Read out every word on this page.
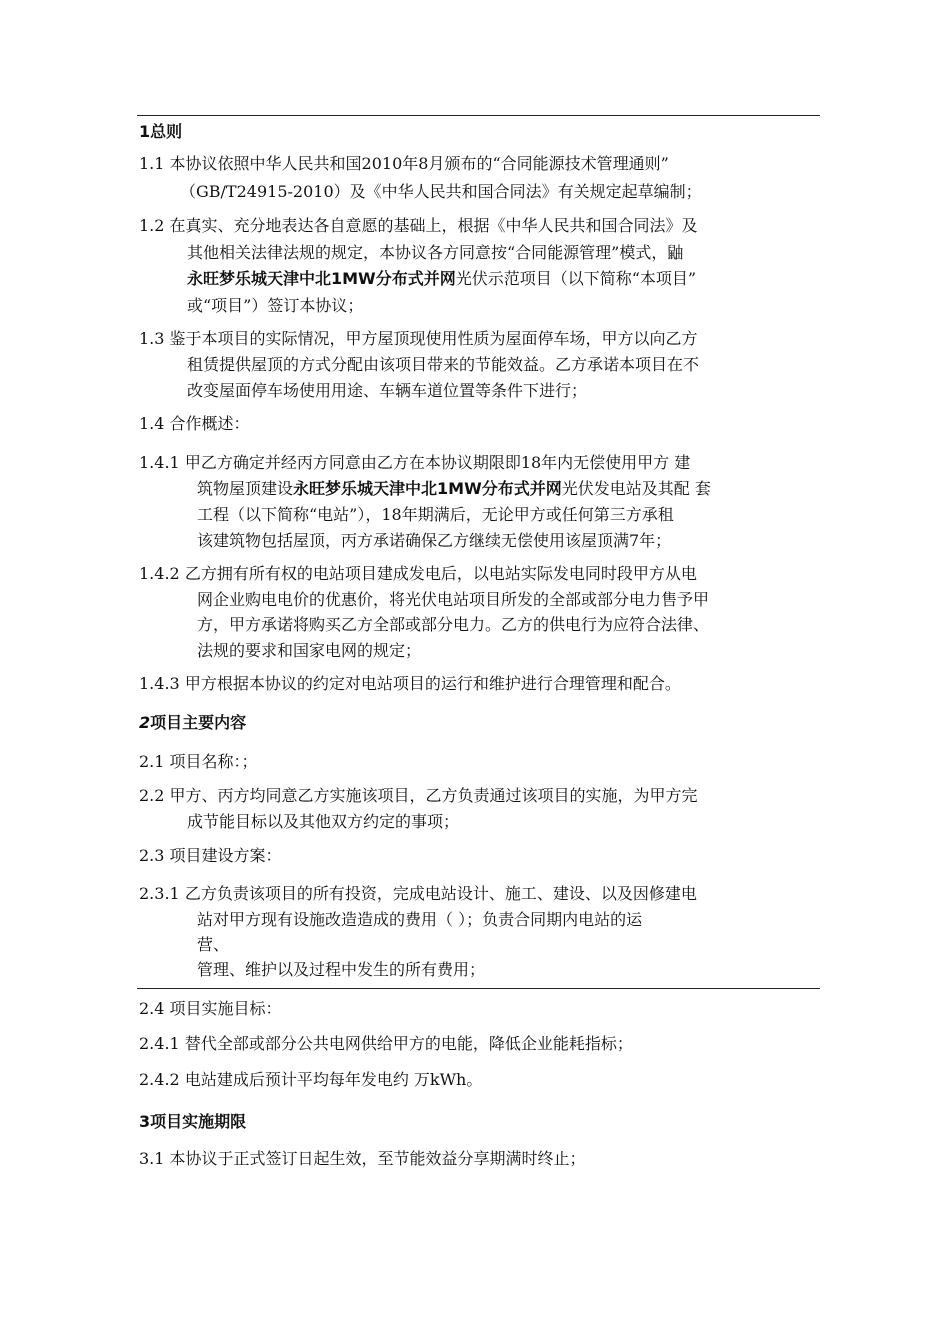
1总则
1.1 本协议依照中华人民共和国2010年8月颁布的“合同能源技术管理通则”
（GB/T24915-2010）及《中华人民共和国合同法》有关规定起草编制；
1.2 在真实、充分地表达各自意愿的基础上，根据《中华人民共和国合同法》及
其他相关法律法规的规定，本协议各方同意按“合同能源管理”模式，鼬
永旺梦乐城天津中北1MW分布式并网光伏示范项目（以下简称“本项目”
或“项目”）签订本协议；
1.3 鉴于本项目的实际情况，甲方屋顶现使用性质为屋面停车场，甲方以向乙方
租赁提供屋顶的方式分配由该项目带来的节能效益。乙方承诺本项目在不
改变屋面停车场使用用途、车辆车道位置等条件下进行；
1.4 合作概述：
1.4.1 甲乙方确定并经丙方同意由乙方在本协议期限即18年内无偿使用甲方 建
筑物屋顶建设永旺梦乐城天津中北1MW分布式并网光伏发电站及其配 套
工程（以下简称“电站”），18年期满后，无论甲方或任何第三方承租
该建筑物包括屋顶，丙方承诺确保乙方继续无偿使用该屋顶满7年；
1.4.2 乙方拥有所有权的电站项目建成发电后，以电站实际发电同时段甲方从电
网企业购电电价的优惠价，将光伏电站项目所发的全部或部分电力售予甲
方，甲方承诺将购买乙方全部或部分电力。乙方的供电行为应符合法律、
法规的要求和国家电网的规定；
1.4.3 甲方根据本协议的约定对电站项目的运行和维护进行合理管理和配合。
2项目主要内容
2.1 项目名称：；
2.2 甲方、丙方均同意乙方实施该项目，乙方负责通过该项目的实施，为甲方完
成节能目标以及其他双方约定的事项；
2.3 项目建设方案：
2.3.1 乙方负责该项目的所有投资，完成电站设计、施工、建设、以及因修建电
站对甲方现有设施改造造成的费用（ ）；负责合同期内电站的运
营、
管理、维护以及过程中发生的所有费用；
2.4 项目实施目标：
2.4.1 替代全部或部分公共电网供给甲方的电能，降低企业能耗指标；
2.4.2 电站建成后预计平均每年发电约 万kWh。
3项目实施期限
3.1 本协议于正式签订日起生效，至节能效益分享期满时终止；
